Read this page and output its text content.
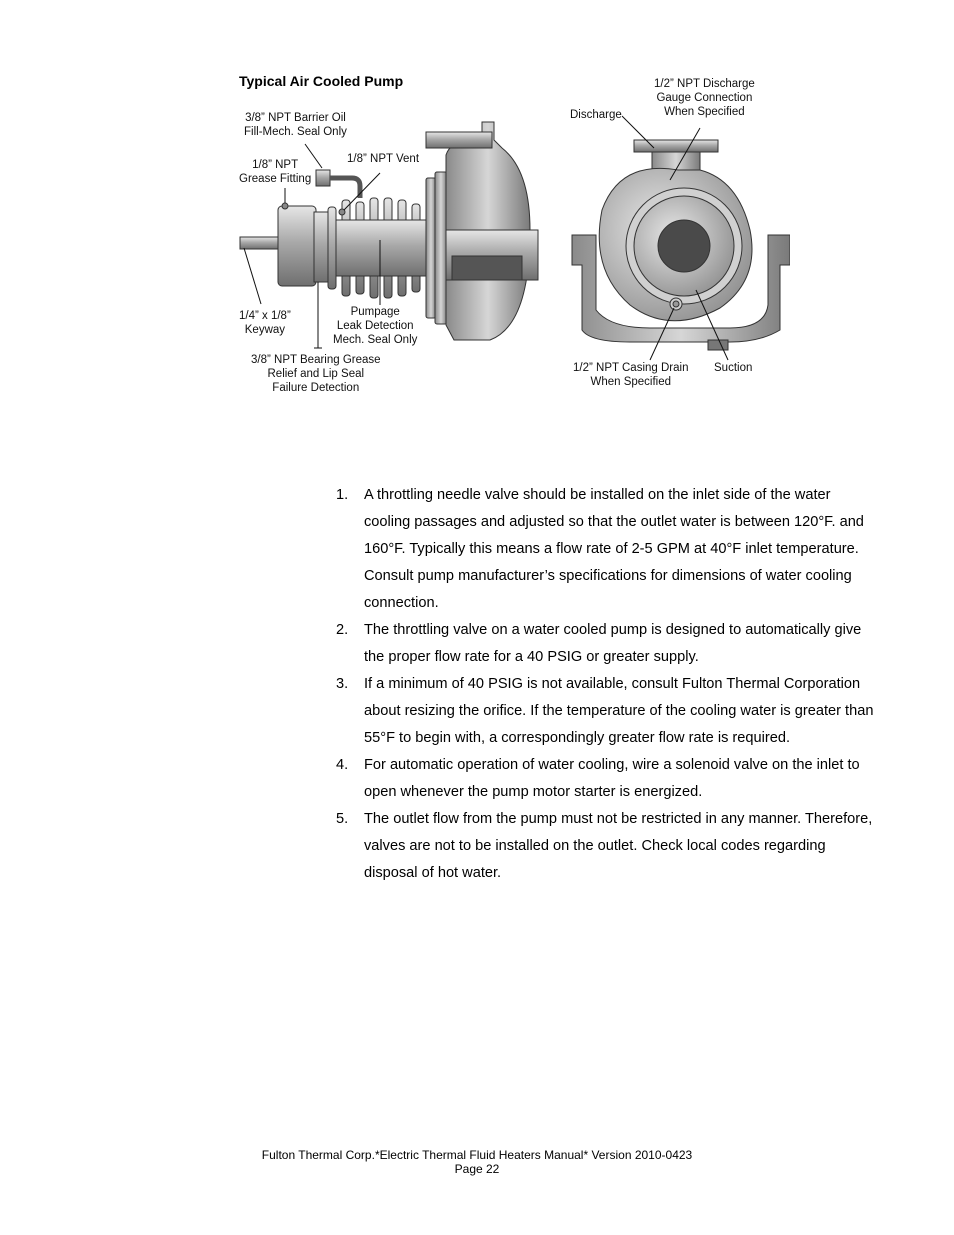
Typical Air Cooled Pump
3/8” NPT Barrier Oil
Fill-Mech. Seal Only
1/8” NPT
Grease Fitting
1/8” NPT Vent
1/4” x 1/8”
Keyway
Pumpage
Leak Detection
Mech. Seal Only
3/8” NPT Bearing Grease
Relief and Lip Seal
Failure Detection
Discharge
1/2” NPT Discharge
Gauge Connection
When Specified
1/2” NPT Casing Drain
When Specified
Suction
1. A throttling needle valve should be installed on the inlet side of the water cooling passages and adjusted so that the outlet water is between 120°F. and 160°F. Typically this means a flow rate of 2-5 GPM at 40°F inlet temperature. Consult pump manufacturer’s specifications for dimensions of water cooling connection.
2. The throttling valve on a water cooled pump is designed to automatically give the proper flow rate for a 40 PSIG or greater supply.
3. If a minimum of 40 PSIG is not available, consult Fulton Thermal Corporation about resizing the orifice. If the temperature of the cooling water is greater than 55°F to begin with, a correspondingly greater flow rate is required.
4. For automatic operation of water cooling, wire a solenoid valve on the inlet to open whenever the pump motor starter is energized.
5. The outlet flow from the pump must not be restricted in any manner. Therefore, valves are not to be installed on the outlet. Check local codes regarding disposal of hot water.
Fulton Thermal Corp.*Electric Thermal Fluid Heaters Manual* Version 2010-0423
Page 22
